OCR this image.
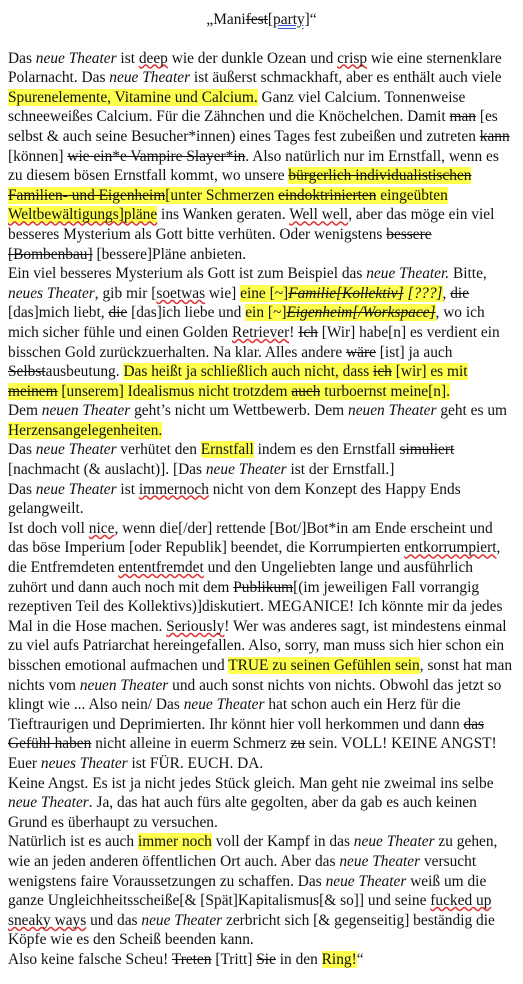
„Manifest[party]“

Das neue Theater ist deep wie der dunkle Ozean und crisp wie eine sternenklare Polarnacht. Das neue Theater ist äußerst schmackhaft, aber es enthält auch viele Spurenelemente, Vitamine und Calcium. Ganz viel Calcium. Tonnenweise schneeweißes Calcium. Für die Zähnchen und die Knöchelchen. Damit man [es selbst & auch seine Besucher*innen) eines Tages fest zubeißen und zutreten kann [können] wie ein*e Vampire Slayer*in. Also natürlich nur im Ernstfall, wenn es zu diesem bösen Ernstfall kommt, wo unsere bürgerlich individualistischen Familien- und Eigenheim[unter Schmerzen eindoktrinierten eingeübten Weltbewältigungs]pläne ins Wanken geraten. Well well, aber das möge ein viel besseres Mysterium als Gott bitte verhüten. Oder wenigstens bessere [Bombenbau] [bessere]Pläne anbieten.

Ein viel besseres Mysterium als Gott ist zum Beispiel das neue Theater. Bitte, neues Theater, gib mir [soetwas wie] eine [~]Familie[Kollektiv] [???], die [das]mich liebt, die [das]ich liebe und ein [~]Eigenheim[/Workspace], wo ich mich sicher fühle und einen Golden Retriever! Ich [Wir] habe[n] es verdient ein bisschen Gold zurückzuerhalten. Na klar. Alles andere wäre [ist] ja auch Selbstausbeutung. Das heißt ja schließlich auch nicht, dass ich [wir] es mit meinem [unserem] Idealismus nicht trotzdem auch turboernst meine[n].

Dem neuen Theater geht’s nicht um Wettbewerb. Dem neuen Theater geht es um Herzensangelegenheiten.

Das neue Theater verhütet den Ernstfall indem es den Ernstfall simuliert [nachmacht (& auslacht)]. [Das neue Theater ist der Ernstfall.]

Das neue Theater ist immernoch nicht von dem Konzept des Happy Ends gelangweilt.

Ist doch voll nice, wenn die[/der] rettende [Bot/]Bot*in am Ende erscheint und das böse Imperium [oder Republik] beendet, die Korrumpierten entkorrumpiert, die Entfremdeten ententfremdet und den Ungeliebten lange und ausführlich zuhört und dann auch noch mit dem Publikum[(im jeweiligen Fall vorrangig rezeptiven Teil des Kollektivs)]diskutiert. MEGANICE! Ich könnte mir da jedes Mal in die Hose machen. Seriously! Wer was anderes sagt, ist mindestens einmal zu viel aufs Patriarchat hereingefallen. Also, sorry, man muss sich hier schon ein bisschen emotional aufmachen und TRUE zu seinen Gefühlen sein, sonst hat man nichts vom neuen Theater und auch sonst nichts von nichts. Obwohl das jetzt so klingt wie ... Also nein/ Das neue Theater hat schon auch ein Herz für die Tieftraurigen und Deprimierten. Ihr könnt hier voll herkommen und dann das Gefühl haben nicht alleine in euerm Schmerz zu sein. VOLL! KEINE ANGST! Euer neues Theater ist FÜR. EUCH. DA.

Keine Angst. Es ist ja nicht jedes Stück gleich. Man geht nie zweimal ins selbe neue Theater. Ja, das hat auch fürs alte gegolten, aber da gab es auch keinen Grund es überhaupt zu versuchen.

Natürlich ist es auch immer noch voll der Kampf in das neue Theater zu gehen, wie an jeden anderen öffentlichen Ort auch. Aber das neue Theater versucht wenigstens faire Voraussetzungen zu schaffen. Das neue Theater weiß um die ganze Ungleichheitsscheiße[& [Spät]Kapitalismus[& so]] und seine fucked up sneaky ways und das neue Theater zerbricht sich [& gegenseitig] beständig die Köpfe wie es den Scheiß beenden kann.

Also keine falsche Scheu! Treten [Tritt] Sie in den Ring!“
